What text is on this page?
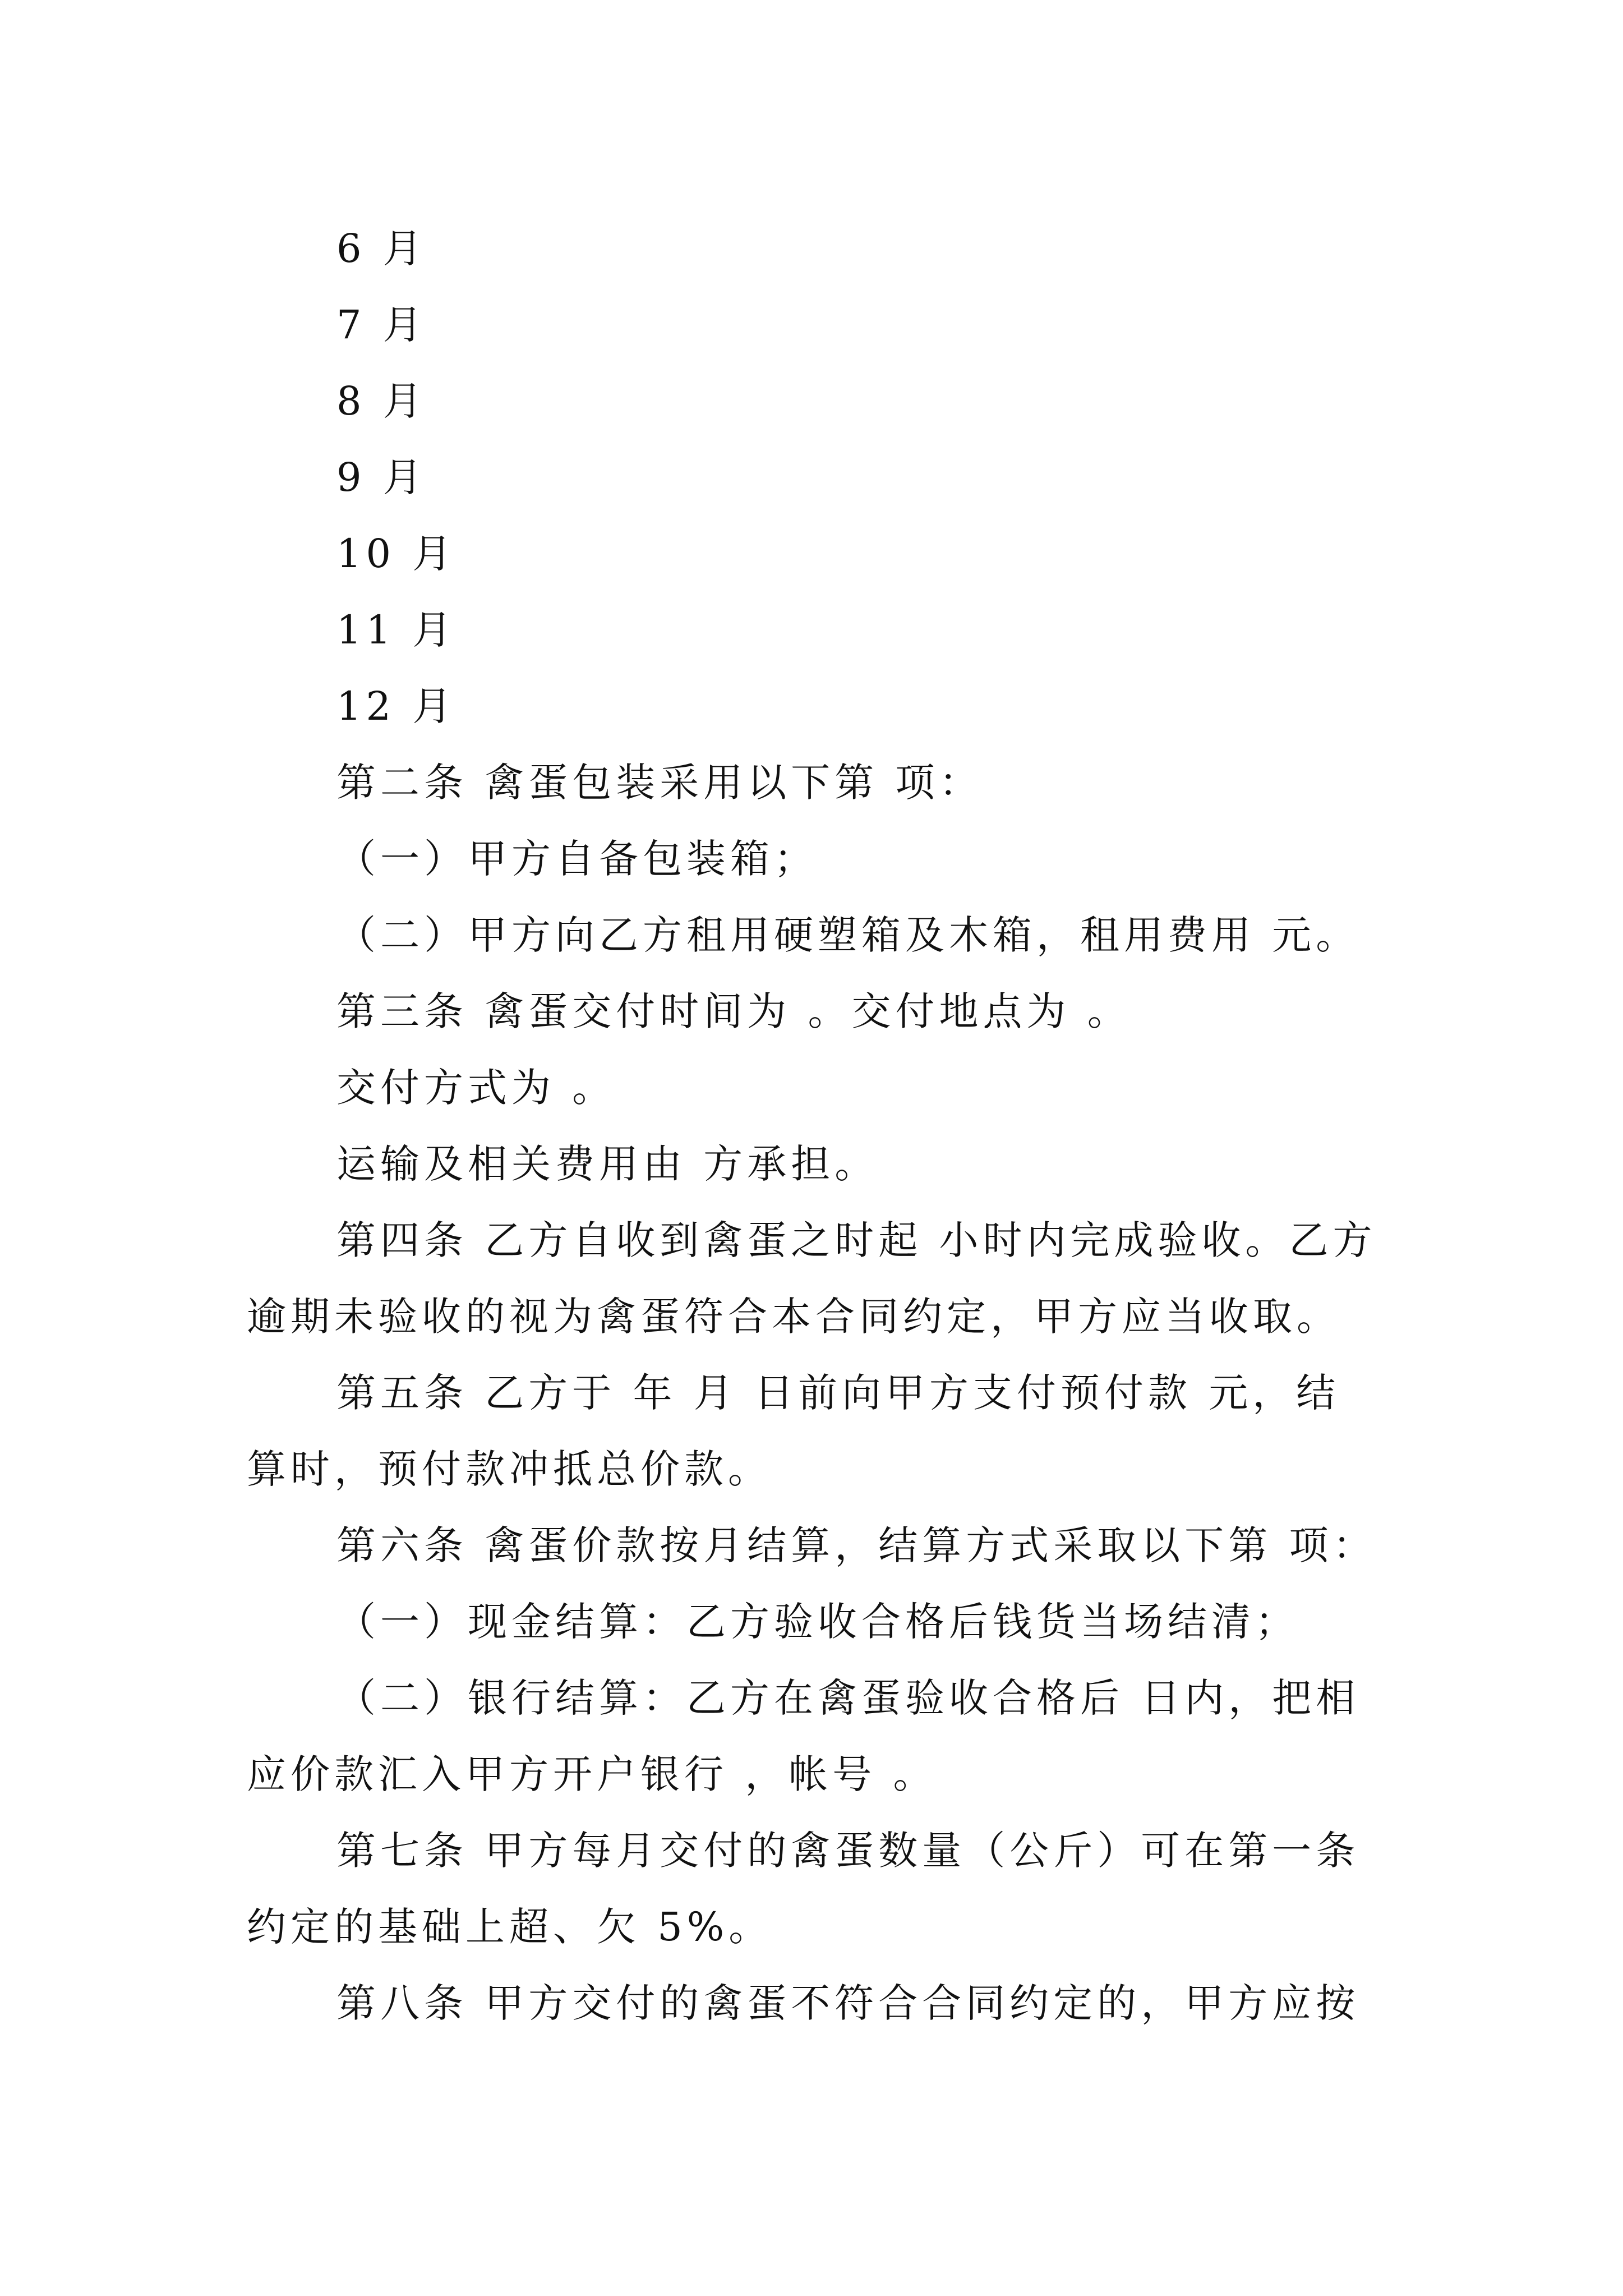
6 月
7 月
8 月
9 月
10 月
11 月
12 月
第二条 禽蛋包装采用以下第 项：
（一）甲方自备包装箱；
（二）甲方向乙方租用硬塑箱及木箱，租用费用 元。
第三条 禽蛋交付时间为 。交付地点为 。
交付方式为 。
运输及相关费用由 方承担。
第四条 乙方自收到禽蛋之时起 小时内完成验收。乙方
逾期未验收的视为禽蛋符合本合同约定，甲方应当收取。
第五条 乙方于 年 月 日前向甲方支付预付款 元，结
算时，预付款冲抵总价款。
第六条 禽蛋价款按月结算，结算方式采取以下第 项：
（一）现金结算：乙方验收合格后钱货当场结清；
（二）银行结算：乙方在禽蛋验收合格后 日内，把相
应价款汇入甲方开户银行 ，帐号 。
第七条 甲方每月交付的禽蛋数量（公斤）可在第一条
约定的基础上超、欠 5%。
第八条 甲方交付的禽蛋不符合合同约定的，甲方应按
